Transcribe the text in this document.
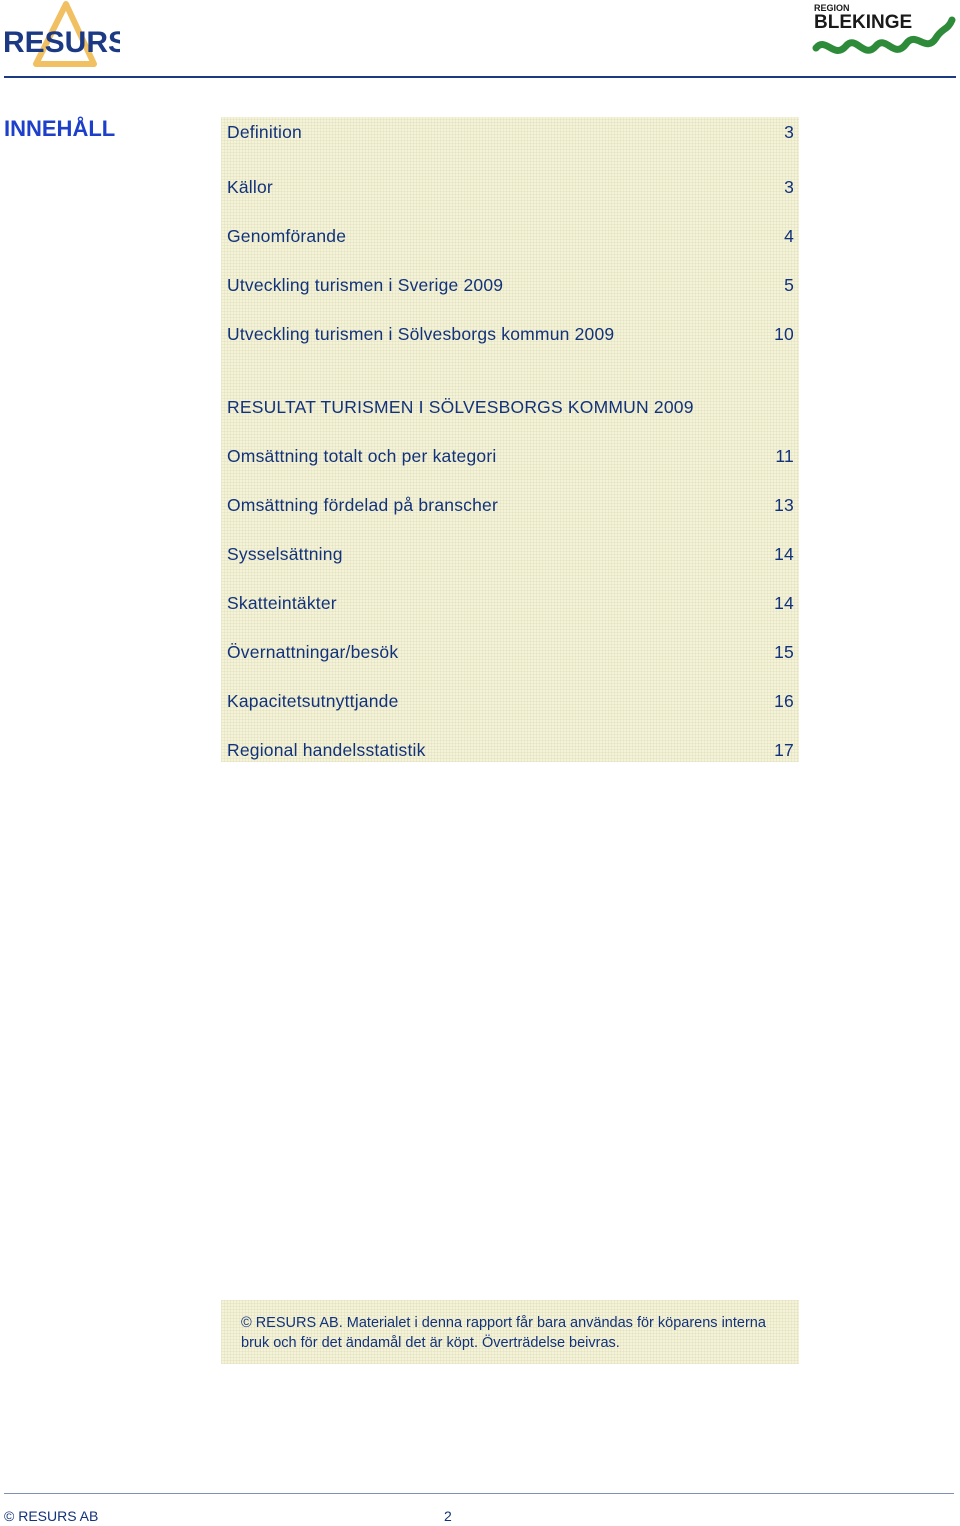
RESURS
REGION
BLEKINGE
INNEHÅLL	Definition	3
Källor	3
Genomförande	4
Utveckling turismen i Sverige 2009	5
Utveckling turismen i Sölvesborgs kommun 2009	10
RESULTAT TURISMEN I SÖLVESBORGS KOMMUN 2009
Omsättning totalt och per kategori	11
Omsättning fördelad på branscher	13
Sysselsättning	14
Skatteintäkter	14
Övernattningar/besök	15
Kapacitetsutnyttjande	16
Regional handelsstatistik	17
© RESURS AB. Materialet i denna rapport får bara användas för köparens interna bruk och för det ändamål det är köpt. Överträdelse beivras.
© RESURS AB	2
